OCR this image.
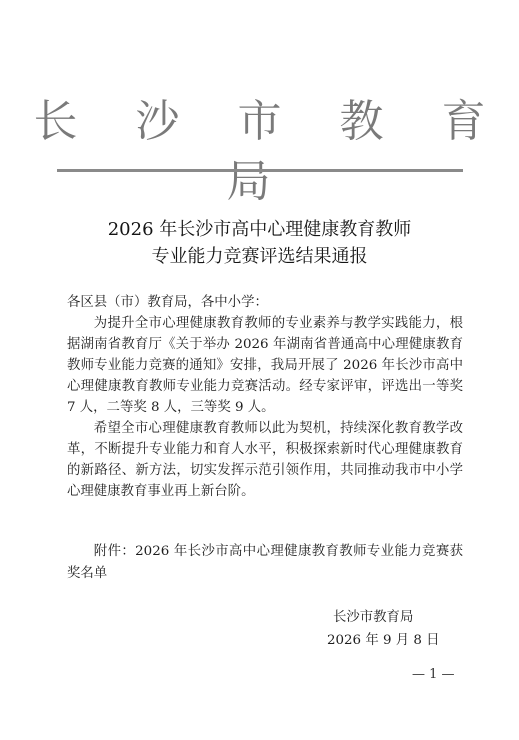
长 沙 市 教 育 局
2026 年长沙市高中心理健康教育教师
专业能力竞赛评选结果通报

各区县（市）教育局，各中小学：

为提升全市心理健康教育教师的专业素养与教学实践能力，根据湖南省教育厅《关于举办 2026 年湖南省普通高中心理健康教育教师专业能力竞赛的通知》安排，我局开展了 2026 年长沙市高中心理健康教育教师专业能力竞赛活动。经专家评审，评选出一等奖 7 人，二等奖 8 人，三等奖 9 人。

希望全市心理健康教育教师以此为契机，持续深化教育教学改革，不断提升专业能力和育人水平，积极探索新时代心理健康教育的新路径、新方法，切实发挥示范引领作用，共同推动我市中小学心理健康教育事业再上新台阶。

附件：2026 年长沙市高中心理健康教育教师专业能力竞赛获奖名单
长沙市教育局
2026 年 9 月 8 日
— 1 —
